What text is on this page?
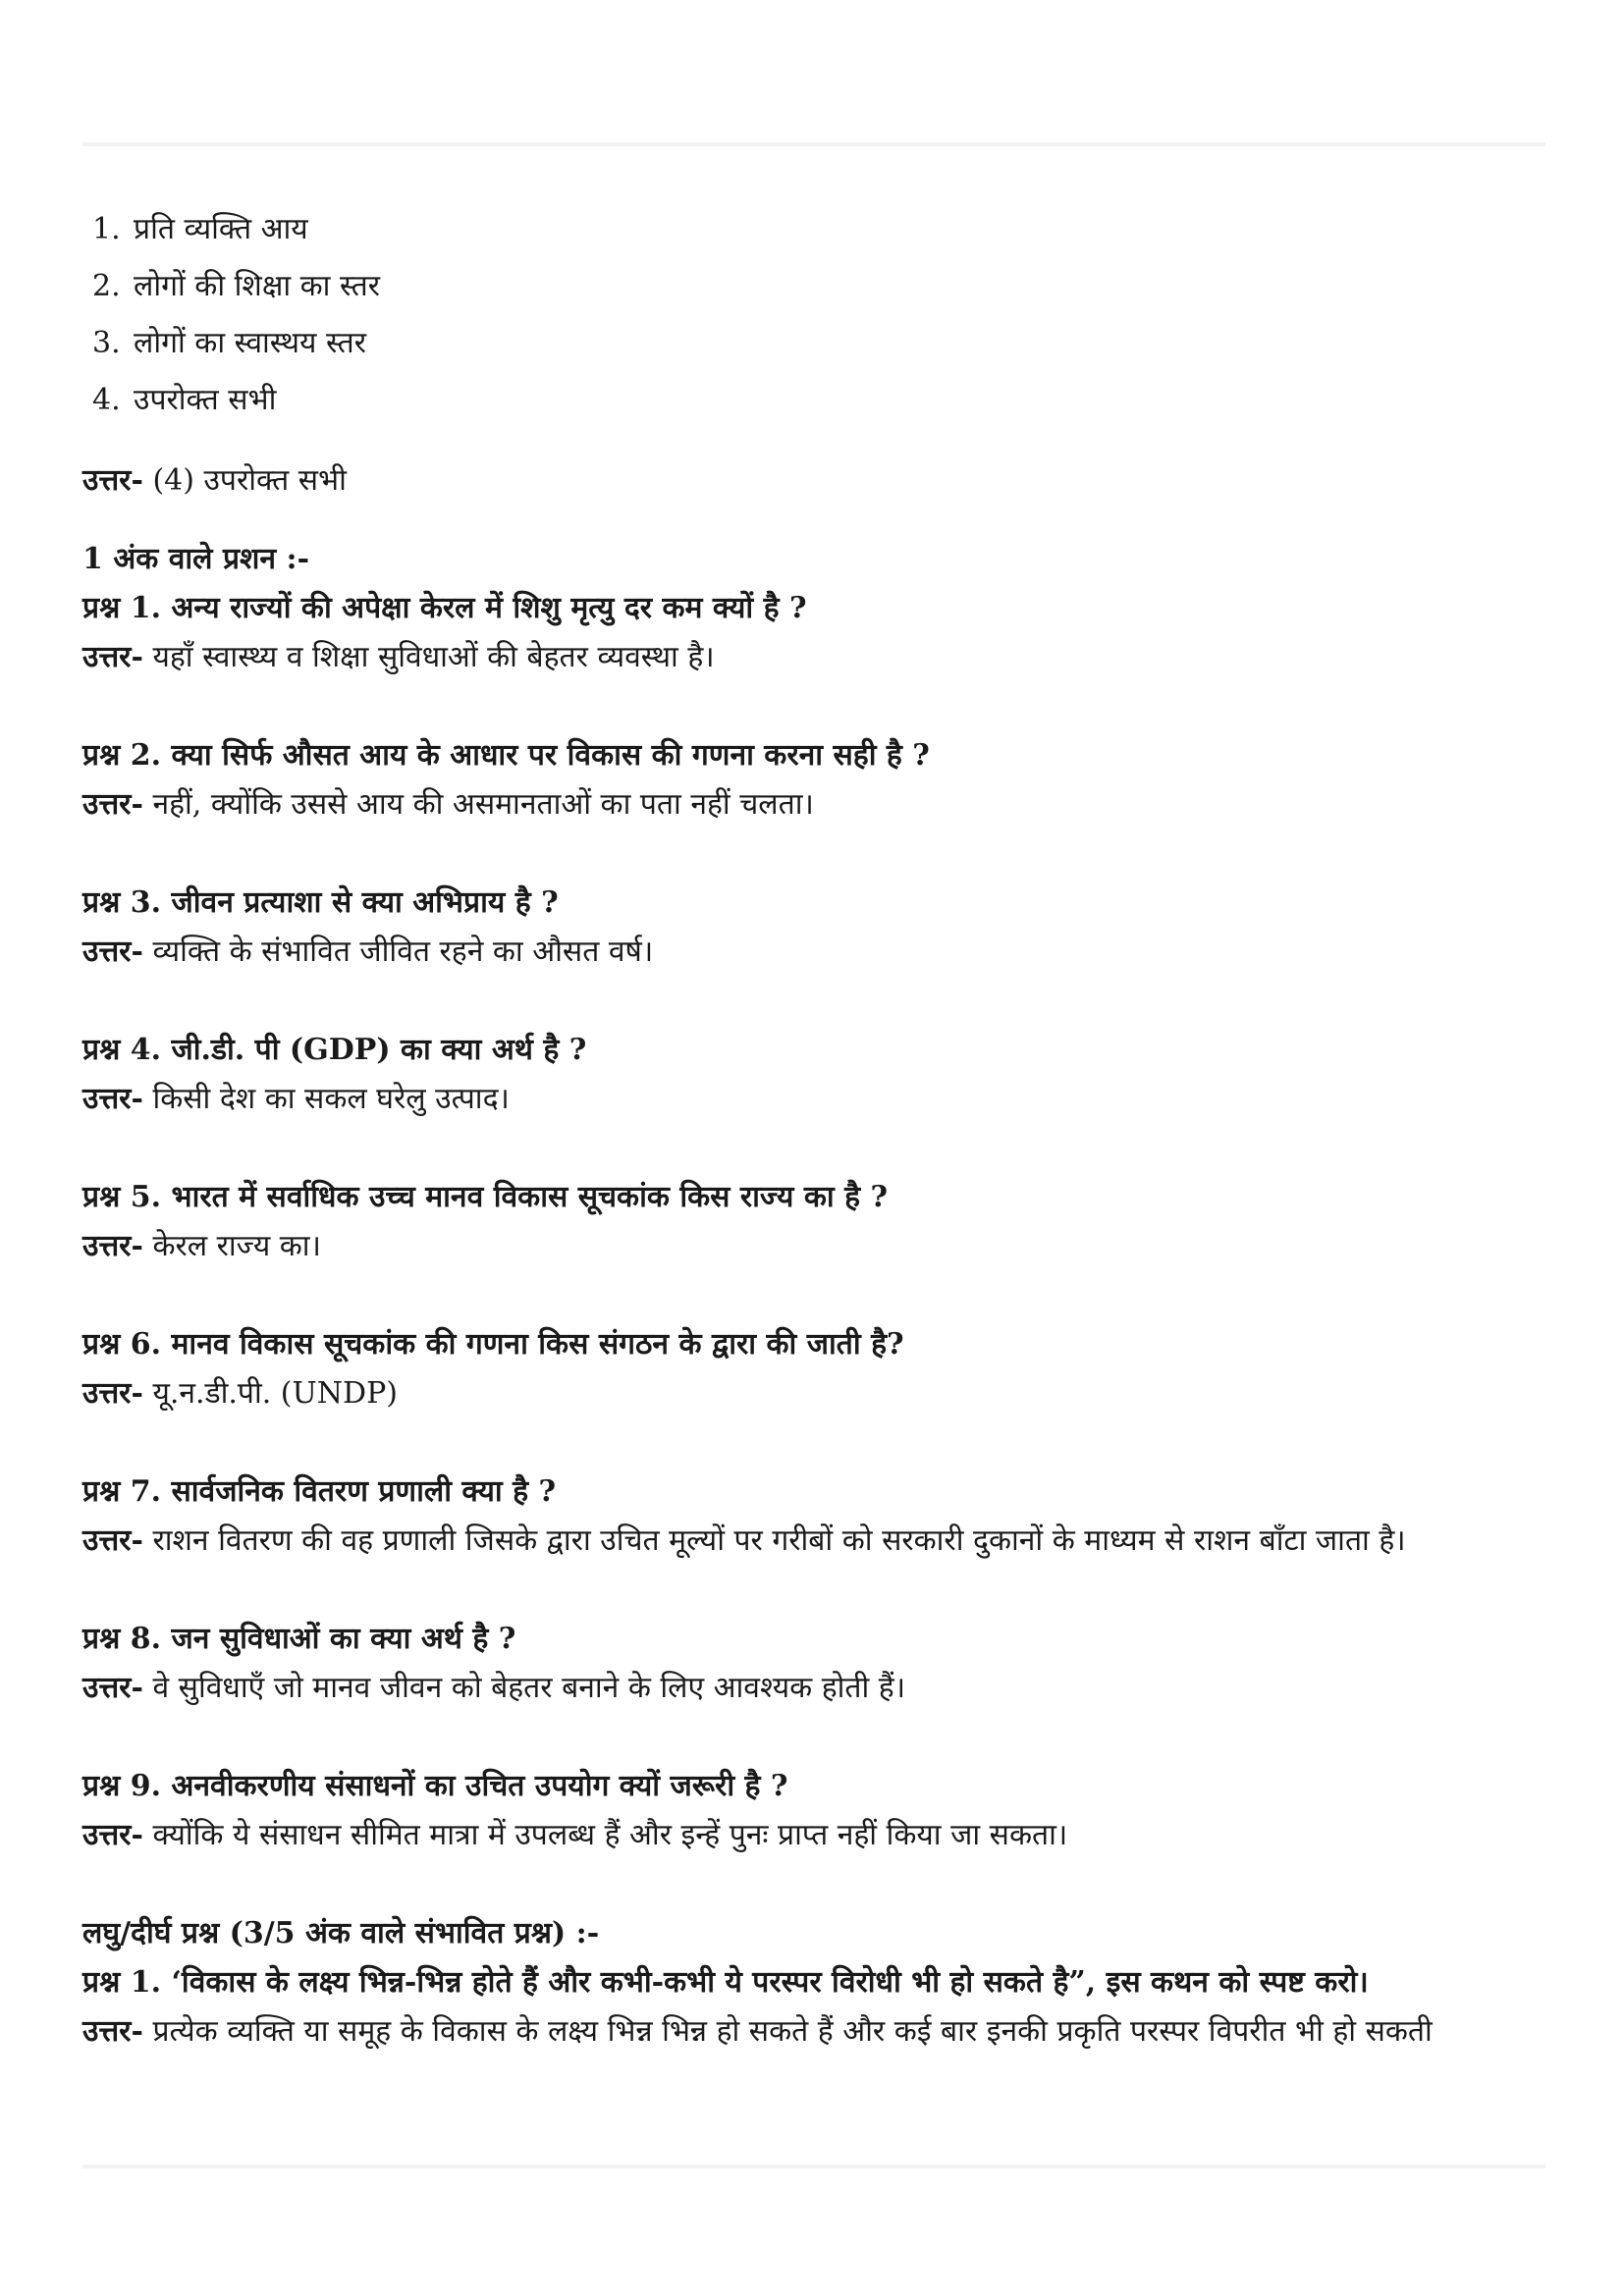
1. प्रति व्यक्ति आय
2. लोगों की शिक्षा का स्तर
3. लोगों का स्वास्थय स्तर
4. उपरोक्त सभी
उत्तर- (4) उपरोक्त सभी
1 अंक वाले प्रशन :-
प्रश्न 1. अन्य राज्यों की अपेक्षा केरल में शिशु मृत्यु दर कम क्यों है ?
उत्तर- यहाँ स्वास्थ्य व शिक्षा सुविधाओं की बेहतर व्यवस्था है।
प्रश्न 2. क्या सिर्फ औसत आय के आधार पर विकास की गणना करना सही है ?
उत्तर- नहीं, क्योंकि उससे आय की असमानताओं का पता नहीं चलता।
प्रश्न 3. जीवन प्रत्याशा से क्या अभिप्राय है ?
उत्तर- व्यक्ति के संभावित जीवित रहने का औसत वर्ष।
प्रश्न 4. जी.डी. पी (GDP) का क्या अर्थ है ?
उत्तर- किसी देश का सकल घरेलु उत्पाद।
प्रश्न 5. भारत में सर्वाधिक उच्च मानव विकास सूचकांक किस राज्य का है ?
उत्तर- केरल राज्य का।
प्रश्न 6. मानव विकास सूचकांक की गणना किस संगठन के द्वारा की जाती है?
उत्तर- यू.न.डी.पी. (UNDP)
प्रश्न 7. सार्वजनिक वितरण प्रणाली क्या है ?
उत्तर- राशन वितरण की वह प्रणाली जिसके द्वारा उचित मूल्यों पर गरीबों को सरकारी दुकानों के माध्यम से राशन बाँटा जाता है।
प्रश्न 8. जन सुविधाओं का क्या अर्थ है ?
उत्तर- वे सुविधाएँ जो मानव जीवन को बेहतर बनाने के लिए आवश्यक होती हैं।
प्रश्न 9. अनवीकरणीय संसाधनों का उचित उपयोग क्यों जरूरी है ?
उत्तर- क्योंकि ये संसाधन सीमित मात्रा में उपलब्ध हैं और इन्हें पुनः प्राप्त नहीं किया जा सकता।
लघु/दीर्घ प्रश्न (3/5 अंक वाले संभावित प्रश्न) :-
प्रश्न 1. ‘विकास के लक्ष्य भिन्न-भिन्न होते हैं और कभी-कभी ये परस्पर विरोधी भी हो सकते है”, इस कथन को स्पष्ट करो।
उत्तर- प्रत्येक व्यक्ति या समूह के विकास के लक्ष्य भिन्न भिन्न हो सकते हैं और कई बार इनकी प्रकृति परस्पर विपरीत भी हो सकती
